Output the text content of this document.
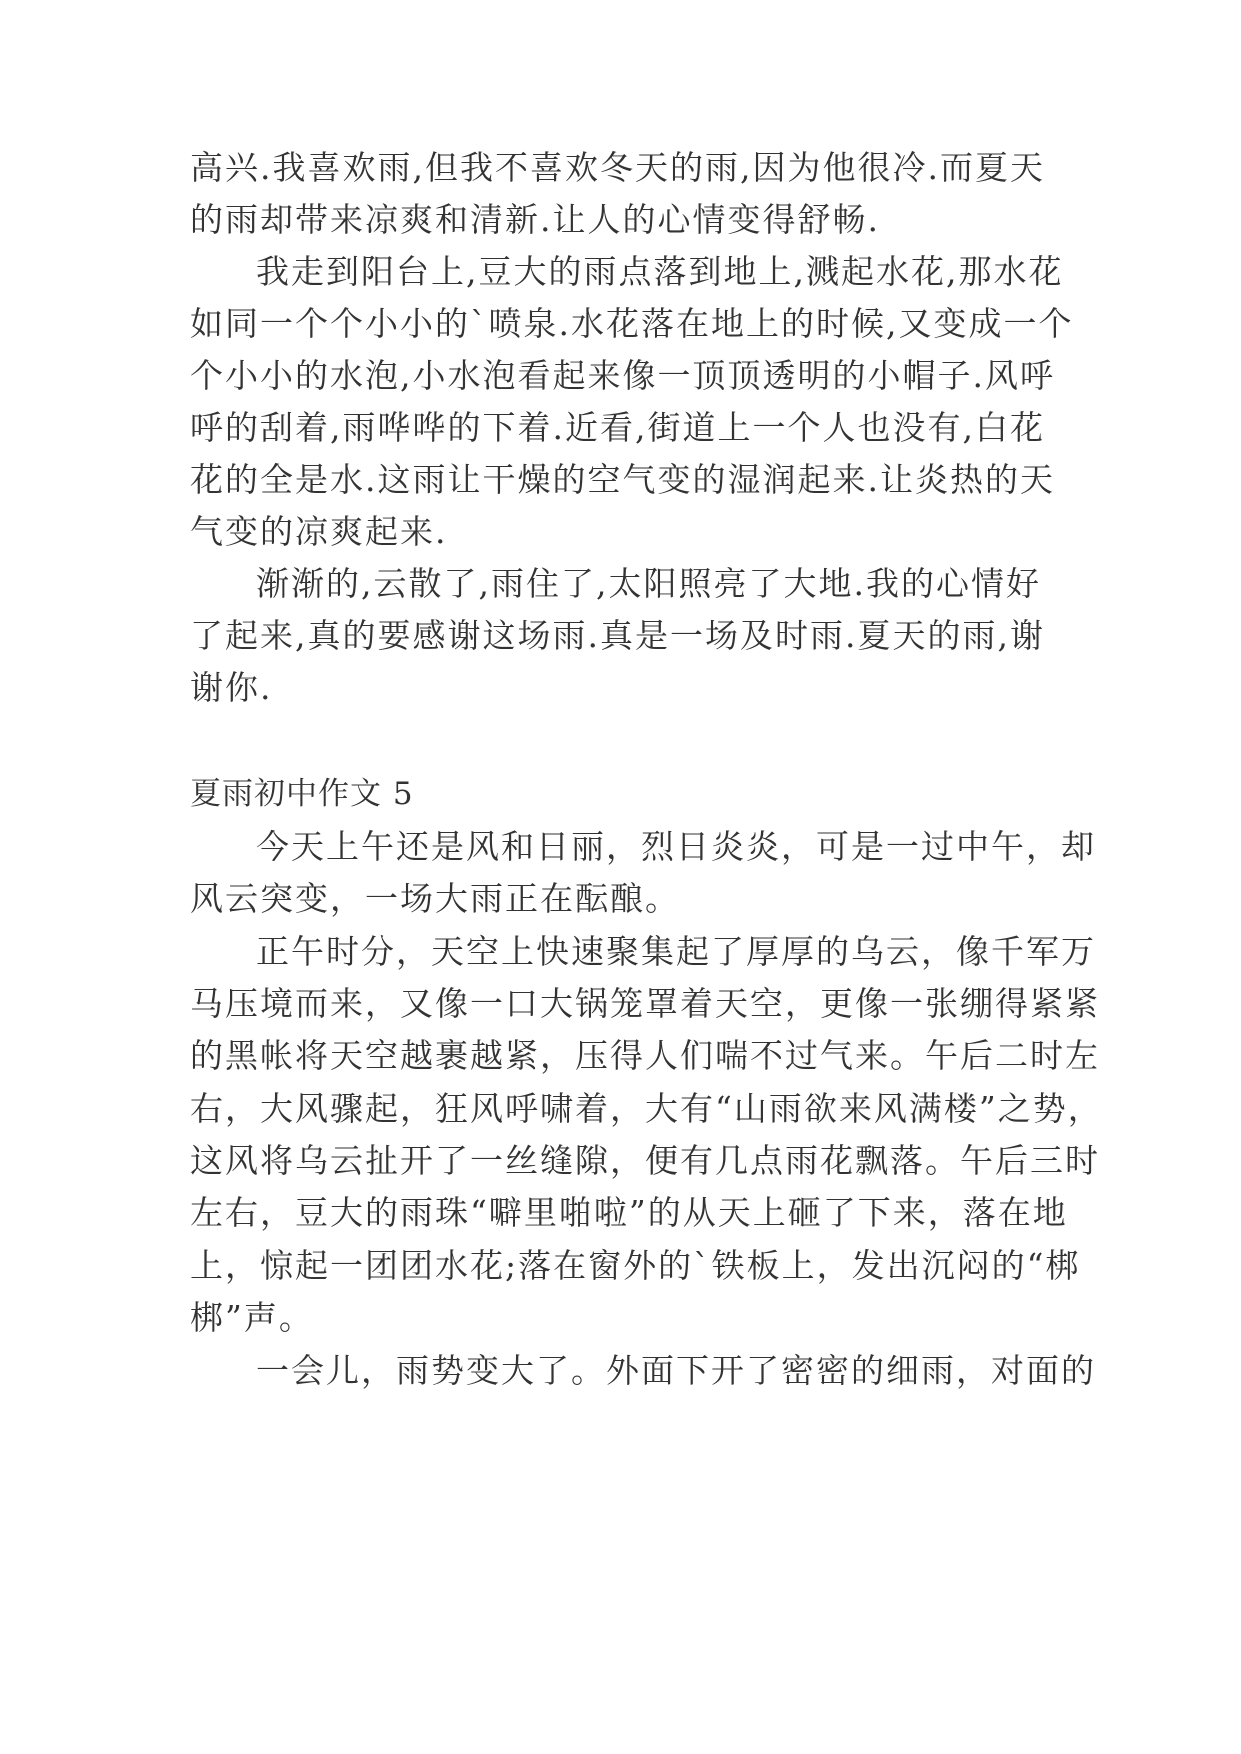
高兴.我喜欢雨,但我不喜欢冬天的雨,因为他很冷.而夏天
的雨却带来凉爽和清新.让人的心情变得舒畅.
我走到阳台上,豆大的雨点落到地上,溅起水花,那水花
如同一个个小小的`喷泉.水花落在地上的时候,又变成一个
个小小的水泡,小水泡看起来像一顶顶透明的小帽子.风呼
呼的刮着,雨哗哗的下着.近看,街道上一个人也没有,白花
花的全是水.这雨让干燥的空气变的湿润起来.让炎热的天
气变的凉爽起来.
渐渐的,云散了,雨住了,太阳照亮了大地.我的心情好
了起来,真的要感谢这场雨.真是一场及时雨.夏天的雨,谢
谢你.
夏雨初中作文 5
今天上午还是风和日丽，烈日炎炎，可是一过中午，却
风云突变，一场大雨正在酝酿。
正午时分，天空上快速聚集起了厚厚的乌云，像千军万
马压境而来，又像一口大锅笼罩着天空，更像一张绷得紧紧
的黑帐将天空越裹越紧，压得人们喘不过气来。午后二时左
右，大风骤起，狂风呼啸着，大有“山雨欲来风满楼”之势，
这风将乌云扯开了一丝缝隙，便有几点雨花飘落。午后三时
左右，豆大的雨珠“噼里啪啦”的从天上砸了下来，落在地
上，惊起一团团水花;落在窗外的`铁板上，发出沉闷的“梆
梆”声。
一会儿，雨势变大了。外面下开了密密的细雨，对面的
